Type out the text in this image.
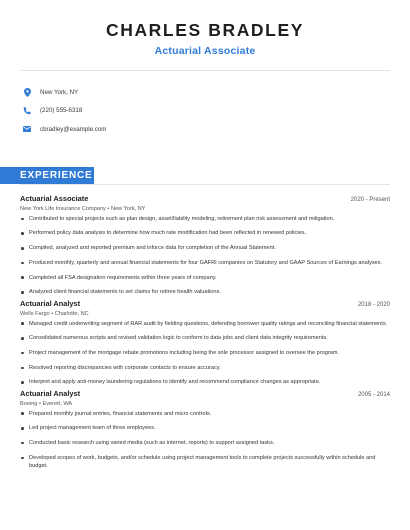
CHARLES BRADLEY
Actuarial Associate
New York, NY
(220) 555-6318
cbradley@example.com
EXPERIENCE
Actuarial Associate	2020 - Present
New York Life Insurance Company • New York, NY
Contributed to special projects such as plan design, asset/liability modeling, retirement plan risk assessment and mitigation.
Performed policy data analysis to determine how much rate modification had been reflected in renewed policies.
Compiled, analyzed and reported premium and inforce data for completion of the Annual Statement.
Produced monthly, quarterly and annual financial statements for four GAFRI companies on Statutory and GAAP Sources of Earnings analyses.
Completed all FSA designation requirements within three years of company.
Analyzed client financial statements to set claims for retiree health valuations.
Actuarial Analyst	2018 - 2020
Wells Fargo • Charlotte, NC
Managed credit underwriting segment of RAR audit by fielding questions, defending borrower quality ratings and reconciling financial statements.
Consolidated numerous scripts and revised validation logic to conform to data jobs and client data integrity requirements.
Project management of the mortgage rebate promotions including being the sole processor assigned to oversee the program.
Resolved reporting discrepancies with corporate contacts to ensure accuracy.
Interpret and apply anti-money laundering regulations to identify and recommend compliance changes as appropriate.
Actuarial Analyst	2005 - 2014
Boeing • Everett, WA
Prepared monthly journal entries, financial statements and micro controls.
Led project management team of three employees.
Conducted basic research using varied media (such as internet, reports) to support assigned tasks.
Developed scopes of work, budgets, and/or schedule using project management tools to complete projects successfully within schedule and budget.
